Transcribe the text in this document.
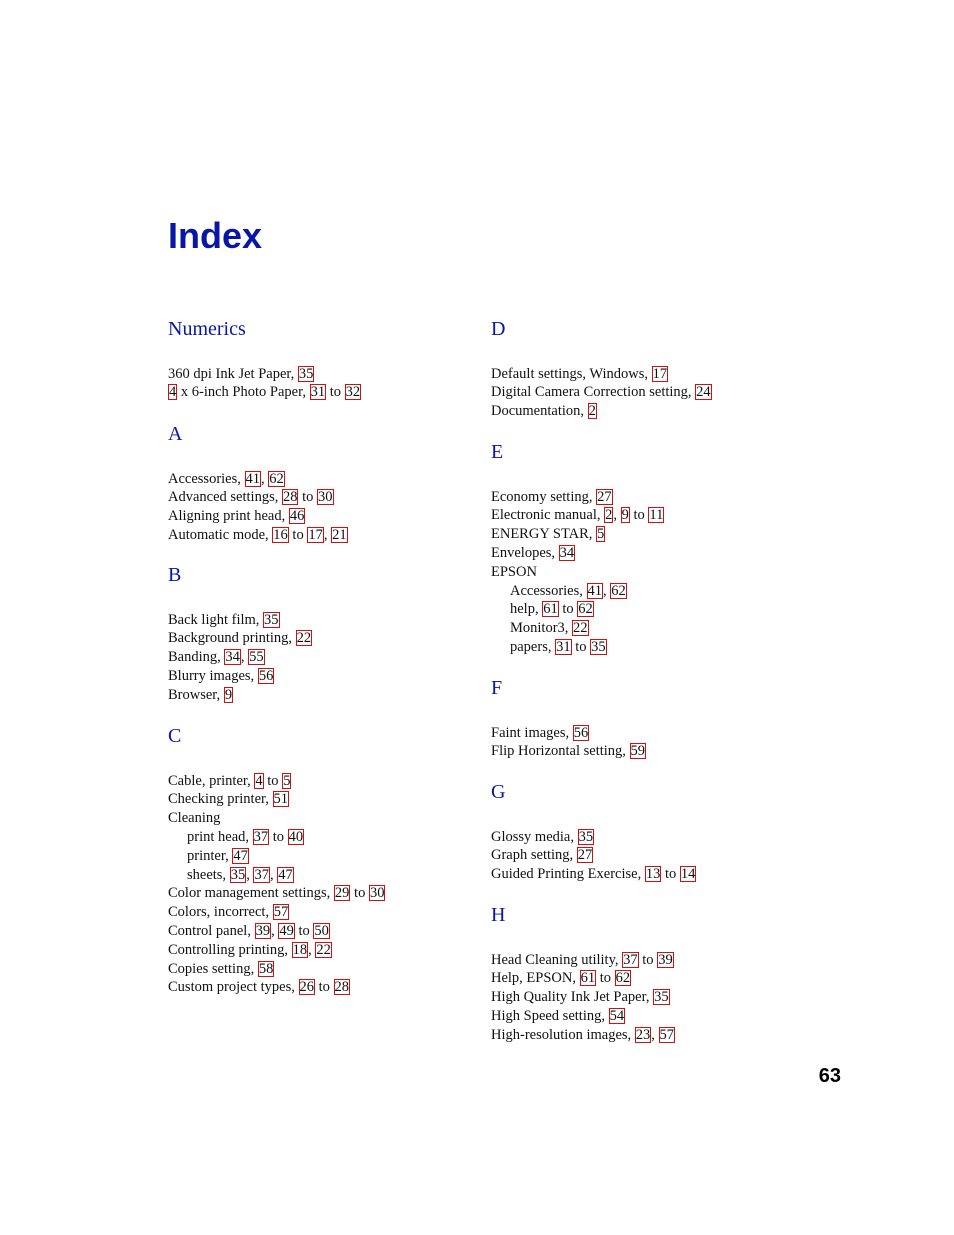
Index
Numerics
360 dpi Ink Jet Paper, 35
4 x 6-inch Photo Paper, 31 to 32
A
Accessories, 41, 62
Advanced settings, 28 to 30
Aligning print head, 46
Automatic mode, 16 to 17, 21
B
Back light film, 35
Background printing, 22
Banding, 34, 55
Blurry images, 56
Browser, 9
C
Cable, printer, 4 to 5
Checking printer, 51
Cleaning
print head, 37 to 40
printer, 47
sheets, 35, 37, 47
Color management settings, 29 to 30
Colors, incorrect, 57
Control panel, 39, 49 to 50
Controlling printing, 18, 22
Copies setting, 58
Custom project types, 26 to 28
D
Default settings, Windows, 17
Digital Camera Correction setting, 24
Documentation, 2
E
Economy setting, 27
Electronic manual, 2, 9 to 11
ENERGY STAR, 5
Envelopes, 34
EPSON
Accessories, 41, 62
help, 61 to 62
Monitor3, 22
papers, 31 to 35
F
Faint images, 56
Flip Horizontal setting, 59
G
Glossy media, 35
Graph setting, 27
Guided Printing Exercise, 13 to 14
H
Head Cleaning utility, 37 to 39
Help, EPSON, 61 to 62
High Quality Ink Jet Paper, 35
High Speed setting, 54
High-resolution images, 23, 57
63
